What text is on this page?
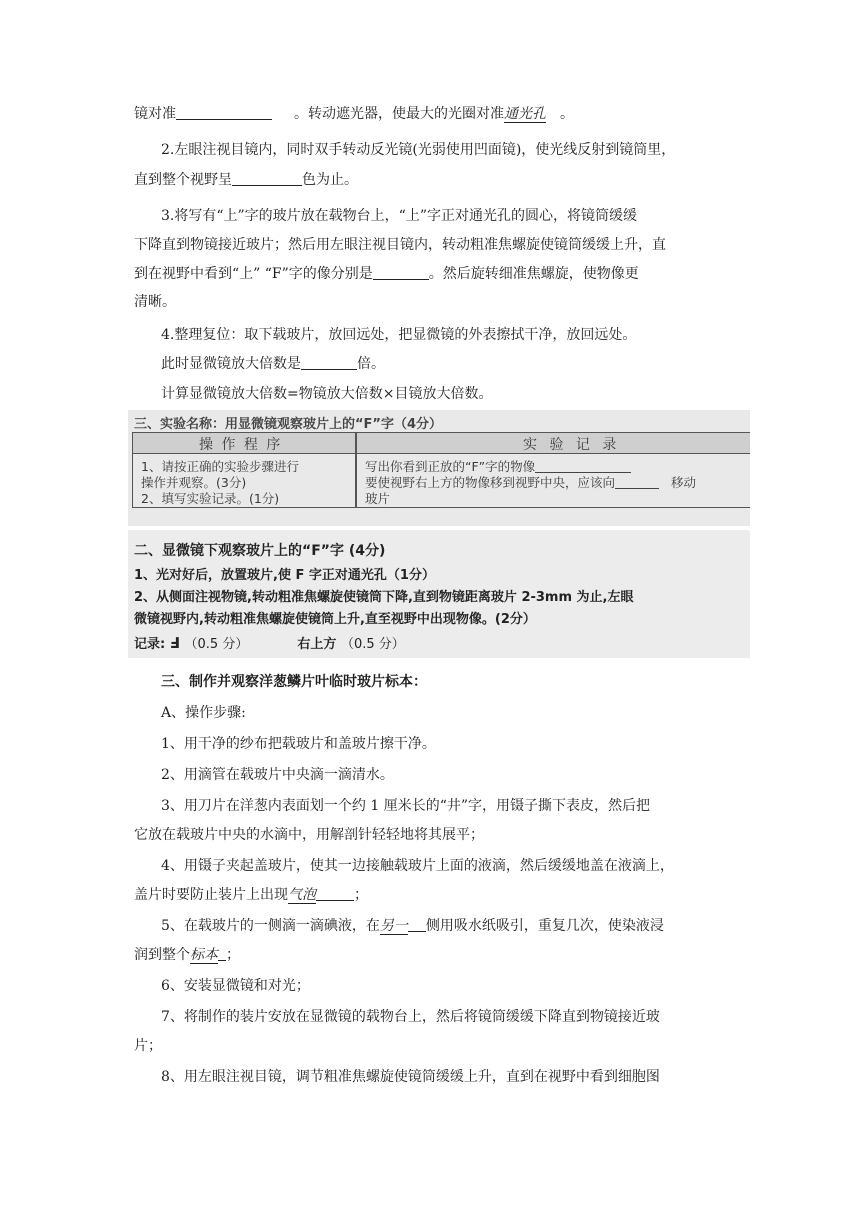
镜对准	。转动遮光器，使最大的光圈对准通光孔 。
2.左眼注视目镜内，同时双手转动反光镜(光弱使用凹面镜)，使光线反射到镜筒里，
直到整个视野呈	色为止。
3.将写有“上”字的玻片放在载物台上，“上”字正对通光孔的圆心，将镜筒缓缓
下降直到物镜接近玻片；然后用左眼注视目镜内，转动粗准焦螺旋使镜筒缓缓上升，直
到在视野中看到“上” “F”字的像分别是	。然后旋转细准焦螺旋，使物像更
清晰。
4.整理复位：取下载玻片，放回远处，把显微镜的外表擦拭干净，放回远处。
此时显微镜放大倍数是	倍。
计算显微镜放大倍数=物镜放大倍数×目镜放大倍数。
三、实验名称：用显微镜观察玻片上的“F”字（4分）
操 作 程 序	实 验 记 录
1、请按正确的实验步骤进行
操作并观察。(3分)
2、填写实验记录。(1分)
写出你看到正放的“F”字的物像
要使视野右上方的物像移到视野中央，应该向	移动
玻片
二、显微镜下观察玻片上的“F”字 (4分)
1、光对好后，放置玻片,使 F 字正对通光孔（1分）
2、从侧面注视物镜,转动粗准焦螺旋使镜筒下降,直到物镜距离玻片 2-3mm 为止,左眼
微镜视野内,转动粗准焦螺旋使镜筒上升,直至视野中出现物像。(2分）
记录: Ⅎ （0.5 分）	右上方 （0.5 分）
三、制作并观察洋葱鳞片叶临时玻片标本：
A、操作步骤:
1、用干净的纱布把载玻片和盖玻片擦干净。
2、用滴管在载玻片中央滴一滴清水。
3、用刀片在洋葱内表面划一个约 1 厘米长的“井”字，用镊子撕下表皮，然后把
它放在载玻片中央的水滴中，用解剖针轻轻地将其展平；
4、用镊子夹起盖玻片，使其一边接触载玻片上面的液滴，然后缓缓地盖在液滴上，
盖片时要防止装片上出现气泡	；
5、在载玻片的一侧滴一滴碘液，在另一 侧用吸水纸吸引，重复几次，使染液浸
润到整个标本 ；
6、安装显微镜和对光；
7、将制作的装片安放在显微镜的载物台上，然后将镜筒缓缓下降直到物镜接近玻
片；
8、用左眼注视目镜，调节粗准焦螺旋使镜筒缓缓上升，直到在视野中看到细胞图
